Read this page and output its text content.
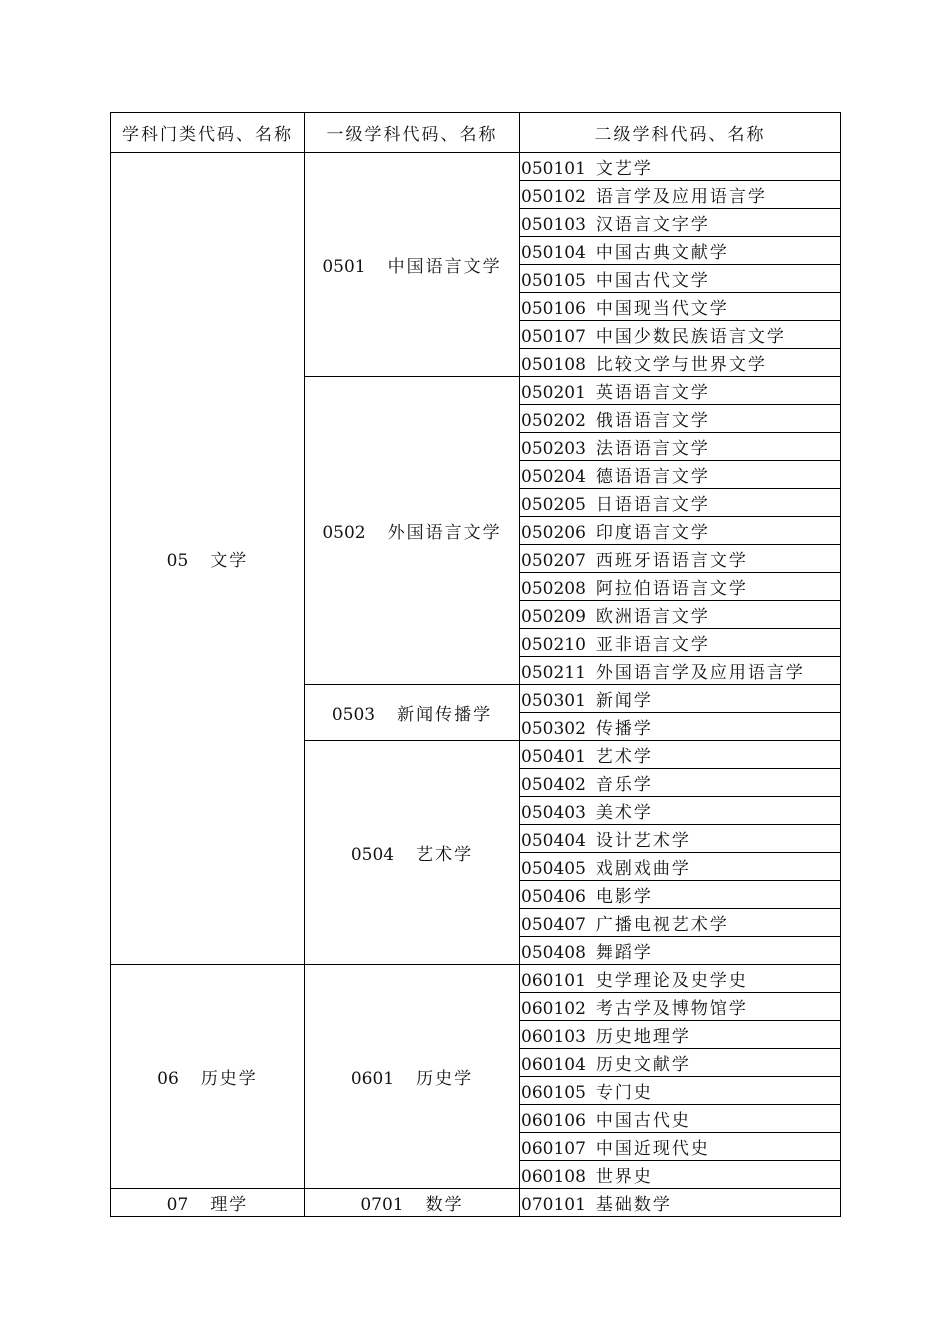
学科门类代码、名称	一级学科代码、名称	二级学科代码、名称
05 文学	0501 中国语言文学	050101 文艺学
		050102 语言学及应用语言学
		050103 汉语言文字学
		050104 中国古典文献学
		050105 中国古代文学
		050106 中国现当代文学
		050107 中国少数民族语言文学
		050108 比较文学与世界文学
	0502 外国语言文学	050201 英语语言文学
		050202 俄语语言文学
		050203 法语语言文学
		050204 德语语言文学
		050205 日语语言文学
		050206 印度语言文学
		050207 西班牙语语言文学
		050208 阿拉伯语语言文学
		050209 欧洲语言文学
		050210 亚非语言文学
		050211 外国语言学及应用语言学
	0503 新闻传播学	050301 新闻学
		050302 传播学
	0504 艺术学	050401 艺术学
		050402 音乐学
		050403 美术学
		050404 设计艺术学
		050405 戏剧戏曲学
		050406 电影学
		050407 广播电视艺术学
		050408 舞蹈学
06 历史学	0601 历史学	060101 史学理论及史学史
		060102 考古学及博物馆学
		060103 历史地理学
		060104 历史文献学
		060105 专门史
		060106 中国古代史
		060107 中国近现代史
		060108 世界史
07 理学	0701 数学	070101 基础数学
